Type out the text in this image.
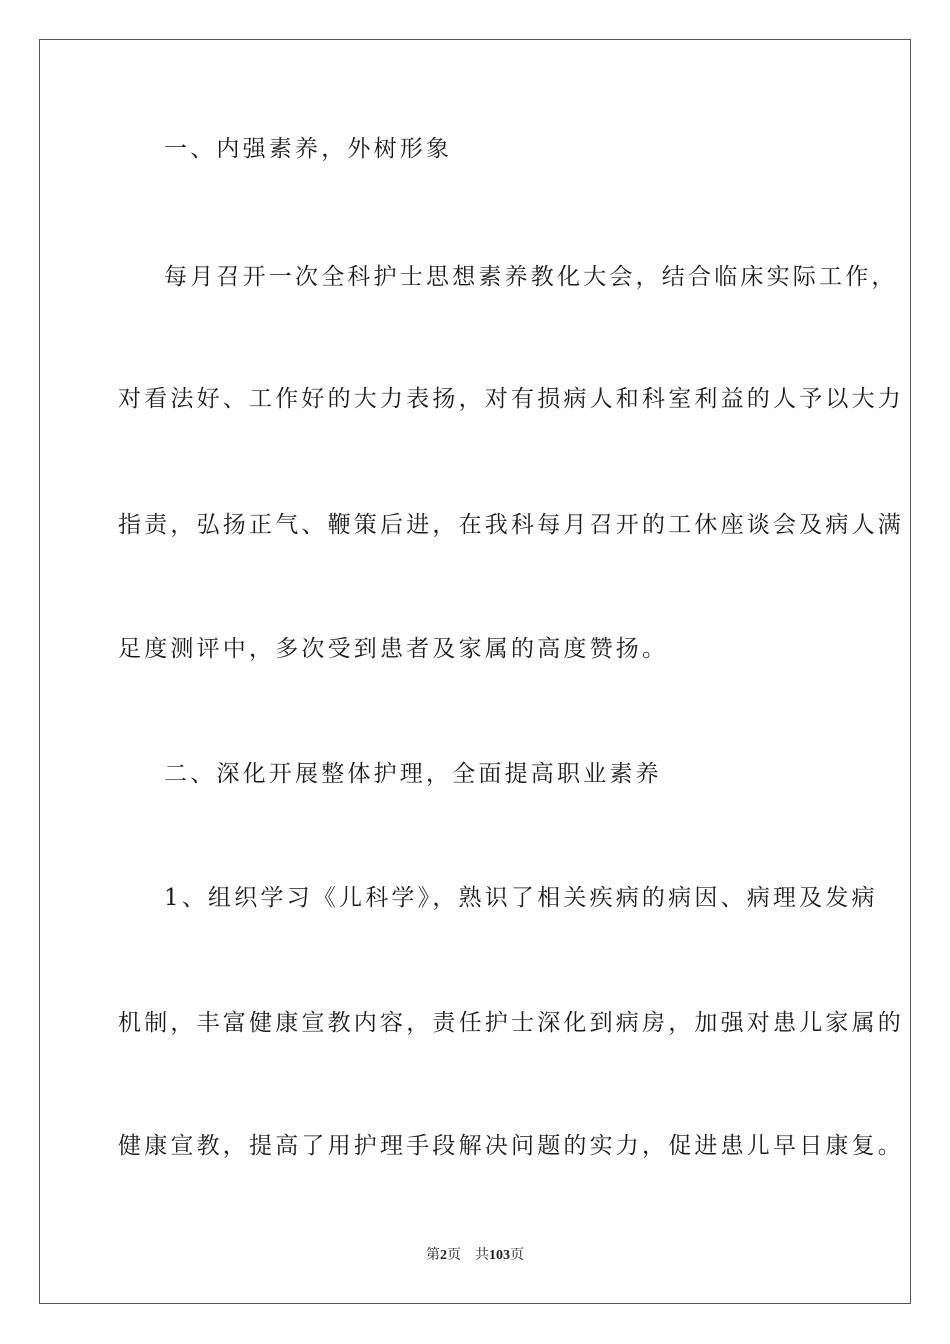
一、内强素养，外树形象
每月召开一次全科护士思想素养教化大会，结合临床实际工作，
对看法好、工作好的大力表扬，对有损病人和科室利益的人予以大力
指责，弘扬正气、鞭策后进，在我科每月召开的工休座谈会及病人满
足度测评中，多次受到患者及家属的高度赞扬。
二、深化开展整体护理，全面提高职业素养
1、组织学习《儿科学》，熟识了相关疾病的病因、病理及发病
机制，丰富健康宣教内容，责任护士深化到病房，加强对患儿家属的
健康宣教，提高了用护理手段解决问题的实力，促进患儿早日康复。
第2页 共103页
